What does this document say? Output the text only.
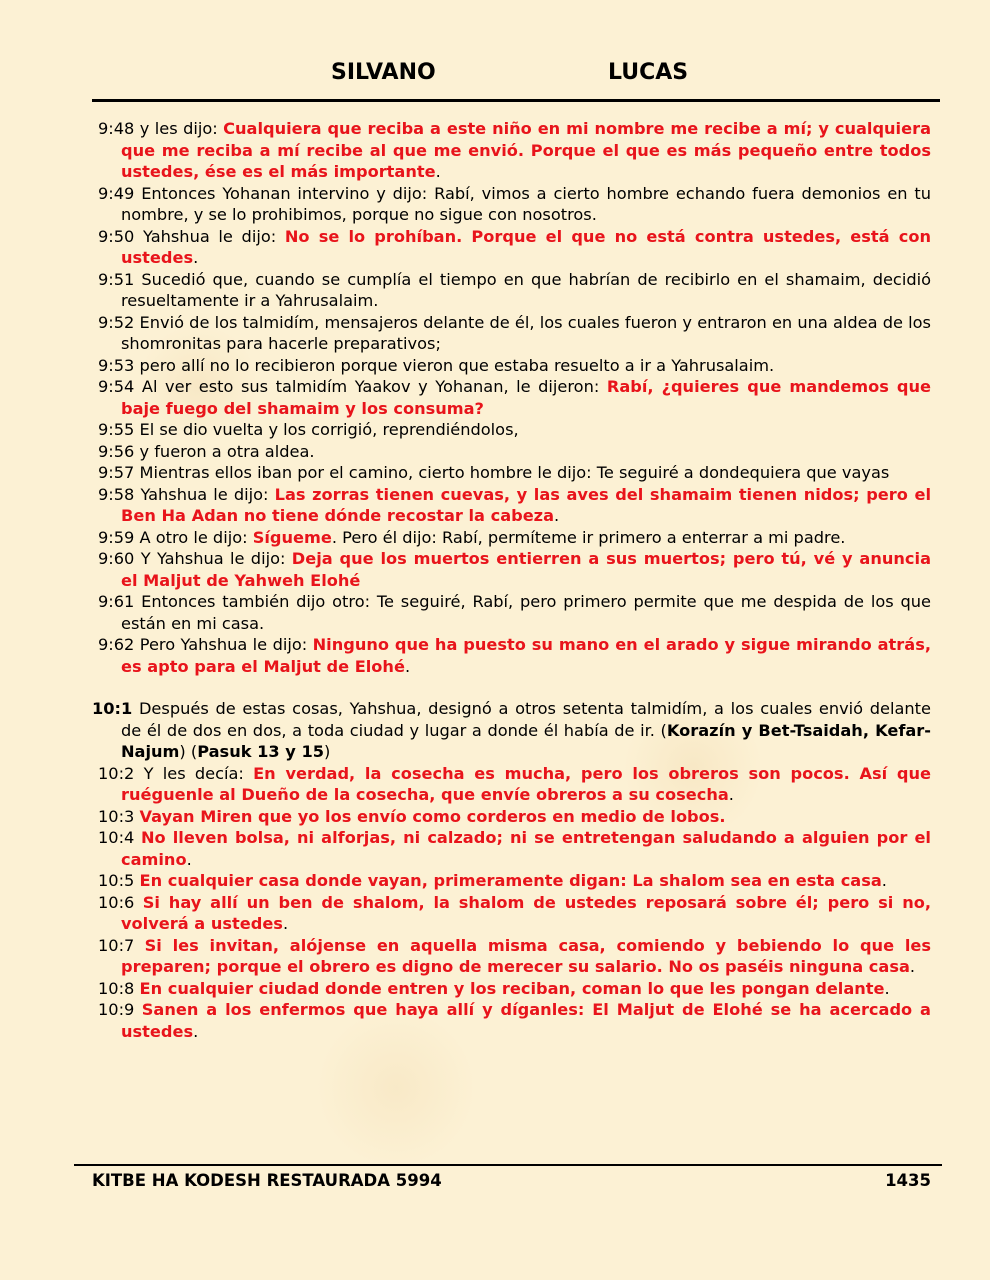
SILVANO	LUCAS

9:48 y les dijo: Cualquiera que reciba a este niño en mi nombre me recibe a mí; y cualquiera que me reciba a mí recibe al que me envió. Porque el que es más pequeño entre todos ustedes, ése es el más importante.

9:49 Entonces Yohanan intervino y dijo: Rabí, vimos a cierto hombre echando fuera demonios en tu nombre, y se lo prohibimos, porque no sigue con nosotros.

9:50 Yahshua le dijo: No se lo prohíban. Porque el que no está contra ustedes, está con ustedes.

9:51 Sucedió que, cuando se cumplía el tiempo en que habrían de recibirlo en el shamaim, decidió resueltamente ir a Yahrusalaim.

9:52 Envió de los talmidím, mensajeros delante de él, los cuales fueron y entraron en una aldea de los shomronitas para hacerle preparativos;

9:53 pero allí no lo recibieron porque vieron que estaba resuelto a ir a Yahrusalaim.

9:54 Al ver esto sus talmidím Yaakov y Yohanan, le dijeron: Rabí, ¿quieres que mandemos que baje fuego del shamaim y los consuma?

9:55 El se dio vuelta y los corrigió, reprendiéndolos,

9:56 y fueron a otra aldea.

9:57 Mientras ellos iban por el camino, cierto hombre le dijo: Te seguiré a dondequiera que vayas

9:58 Yahshua le dijo: Las zorras tienen cuevas, y las aves del shamaim tienen nidos; pero el Ben Ha Adan no tiene dónde recostar la cabeza.

9:59 A otro le dijo: Sígueme. Pero él dijo: Rabí, permíteme ir primero a enterrar a mi padre.

9:60 Y Yahshua le dijo: Deja que los muertos entierren a sus muertos; pero tú, vé y anuncia el Maljut de Yahweh Elohé

9:61 Entonces también dijo otro: Te seguiré, Rabí, pero primero permite que me despida de los que están en mi casa.

9:62 Pero Yahshua le dijo: Ninguno que ha puesto su mano en el arado y sigue mirando atrás, es apto para el Maljut de Elohé.

10:1 Después de estas cosas, Yahshua, designó a otros setenta talmidím, a los cuales envió delante de él de dos en dos, a toda ciudad y lugar a donde él había de ir. (Korazín y Bet-Tsaidah, Kefar-Najum) (Pasuk 13 y 15)

10:2 Y les decía: En verdad, la cosecha es mucha, pero los obreros son pocos. Así que ruéguenle al Dueño de la cosecha, que envíe obreros a su cosecha.

10:3 Vayan Miren que yo los envío como corderos en medio de lobos.

10:4 No lleven bolsa, ni alforjas, ni calzado; ni se entretengan saludando a alguien por el camino.

10:5 En cualquier casa donde vayan, primeramente digan: La shalom sea en esta casa.

10:6 Si hay allí un ben de shalom, la shalom de ustedes reposará sobre él; pero si no, volverá a ustedes.

10:7 Si les invitan, alójense en aquella misma casa, comiendo y bebiendo lo que les preparen; porque el obrero es digno de merecer su salario. No os paséis ninguna casa.

10:8 En cualquier ciudad donde entren y los reciban, coman lo que les pongan delante.

10:9 Sanen a los enfermos que haya allí y díganles: El Maljut de Elohé se ha acercado a ustedes.

KITBE HA KODESH RESTAURADA 5994	1435
